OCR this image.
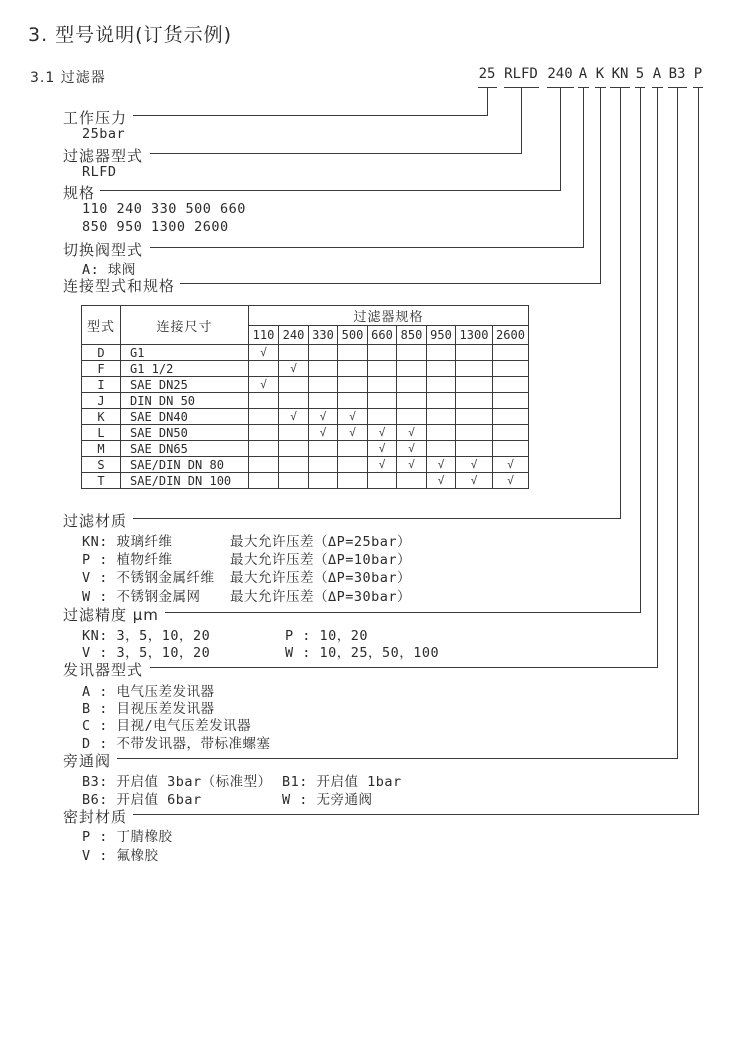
3. 型号说明(订货示例)
3.1 过滤器	25 RLFD 240 A K KN 5 A B3 P
工作压力
25bar
过滤器型式
RLFD
规格
110 240 330 500 660
850 950 1300 2600
切换阀型式
A: 球阀
连接型式和规格
型式	连接尺寸	过滤器规格								
		110	240	330	500	660	850	950	1300	2600
D	G1	√								
F	G1 1/2		√							
I	SAE DN25	√								
J	DIN DN 50									
K	SAE DN40		√	√	√					
L	SAE DN50			√	√	√	√			
M	SAE DN65					√	√			
S	SAE/DIN DN 80					√	√	√	√	√
T	SAE/DIN DN 100							√	√	√
过滤材质
KN: 玻璃纤维	最大允许压差（ΔP=25bar）
P : 植物纤维	最大允许压差（ΔP=10bar）
V : 不锈钢金属纤维 最大允许压差（ΔP=30bar）
W : 不锈钢金属网 最大允许压差（ΔP=30bar）
过滤精度 μm
KN: 3，5，10，20	P : 10，20
V : 3，5，10，20	W : 10，25，50，100
发讯器型式
A : 电气压差发讯器
B : 目视压差发讯器
C : 目视/电气压差发讯器
D : 不带发讯器，带标准螺塞
旁通阀
B3: 开启值 3bar（标准型） B1: 开启值 1bar
B6: 开启值 6bar	W : 无旁通阀
密封材质
P : 丁腈橡胶
V : 氟橡胶
